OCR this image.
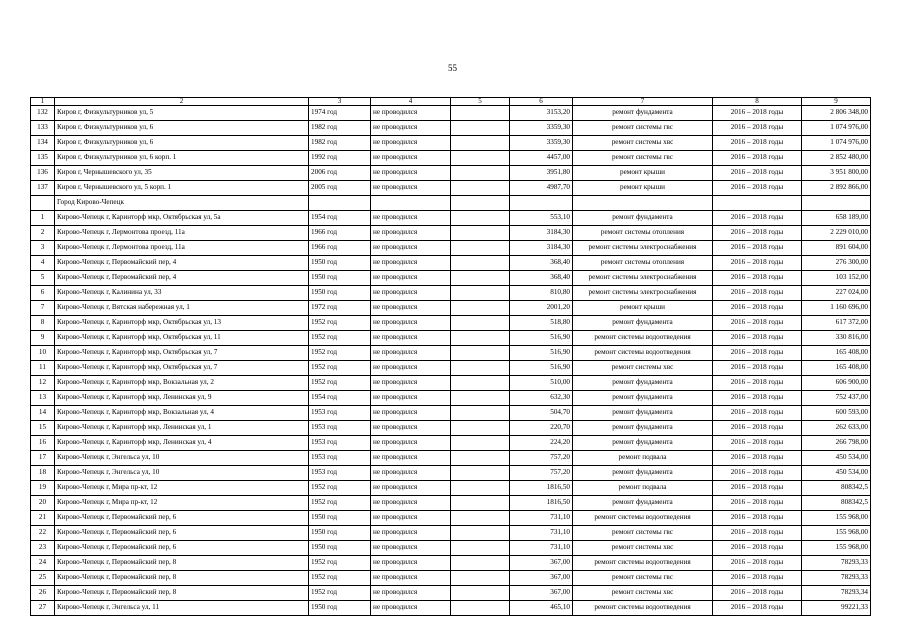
55
1	2	3	4	5	6	7	8	9
132	Киров г, Физкультурников ул, 5	1974 год	не проводился		3153,20	ремонт фундамента	2016 – 2018 годы	2 806 348,00
133	Киров г, Физкультурников ул, 6	1982 год	не проводился		3359,30	ремонт системы гвс	2016 – 2018 годы	1 074 976,00
134	Киров г, Физкультурников ул, 6	1982 год	не проводился		3359,30	ремонт системы хвс	2016 – 2018 годы	1 074 976,00
135	Киров г, Физкультурников ул, 6 корп. 1	1992 год	не проводился		4457,00	ремонт системы гвс	2016 – 2018 годы	2 852 480,00
136	Киров г, Чернышевского ул, 35	2006 год	не проводился		3951,80	ремонт крыши	2016 – 2018 годы	3 951 800,00
137	Киров г, Чернышевского ул, 5 корп. 1	2005 год	не проводился		4987,70	ремонт крыши	2016 – 2018 годы	2 892 866,00
	Город Кирово-Чепецк							
1	Кирово-Чепецк г, Каринторф мкр, Октябрьская ул, 5а	1954 год	не проводился		553,10	ремонт фундамента	2016 – 2018 годы	658 189,00
2	Кирово-Чепецк г, Лермонтова проезд, 11а	1966 год	не проводился		3184,30	ремонт системы отопления	2016 – 2018 годы	2 229 010,00
3	Кирово-Чепецк г, Лермонтова проезд, 11а	1966 год	не проводился		3184,30	ремонт системы электроснабжения	2016 – 2018 годы	891 604,00
4	Кирово-Чепецк г, Первомайский пер, 4	1950 год	не проводился		368,40	ремонт системы отопления	2016 – 2018 годы	276 300,00
5	Кирово-Чепецк г, Первомайский пер, 4	1950 год	не проводился		368,40	ремонт системы электроснабжения	2016 – 2018 годы	103 152,00
6	Кирово-Чепецк г, Калинина ул, 33	1950 год	не проводился		810,80	ремонт системы электроснабжения	2016 – 2018 годы	227 024,00
7	Кирово-Чепецк г, Вятская набережная ул, 1	1972 год	не проводился		2001,20	ремонт крыши	2016 – 2018 годы	1 160 696,00
8	Кирово-Чепецк г, Каринторф мкр, Октябрьская ул, 13	1952 год	не проводился		518,80	ремонт фундамента	2016 – 2018 годы	617 372,00
9	Кирово-Чепецк г, Каринторф мкр, Октябрьская ул, 11	1952 год	не проводился		516,90	ремонт системы водоотведения	2016 – 2018 годы	330 816,00
10	Кирово-Чепецк г, Каринторф мкр, Октябрьская ул, 7	1952 год	не проводился		516,90	ремонт системы водоотведения	2016 – 2018 годы	165 408,00
11	Кирово-Чепецк г, Каринторф мкр, Октябрьская ул, 7	1952 год	не проводился		516,90	ремонт системы хвс	2016 – 2018 годы	165 408,00
12	Кирово-Чепецк г, Каринторф мкр, Вокзальная ул, 2	1952 год	не проводился		510,00	ремонт фундамента	2016 – 2018 годы	606 900,00
13	Кирово-Чепецк г, Каринторф мкр, Ленинская ул, 9	1954 год	не проводился		632,30	ремонт фундамента	2016 – 2018 годы	752 437,00
14	Кирово-Чепецк г, Каринторф мкр, Вокзальная ул, 4	1953 год	не проводился		504,70	ремонт фундамента	2016 – 2018 годы	600 593,00
15	Кирово-Чепецк г, Каринторф мкр, Ленинская ул, 1	1953 год	не проводился		220,70	ремонт фундамента	2016 – 2018 годы	262 633,00
16	Кирово-Чепецк г, Каринторф мкр, Ленинская ул, 4	1953 год	не проводился		224,20	ремонт фундамента	2016 – 2018 годы	266 798,00
17	Кирово-Чепецк г, Энгельса ул, 10	1953 год	не проводился		757,20	ремонт подвала	2016 – 2018 годы	450 534,00
18	Кирово-Чепецк г, Энгельса ул, 10	1953 год	не проводился		757,20	ремонт фундамента	2016 – 2018 годы	450 534,00
19	Кирово-Чепецк г, Мира пр-кт, 12	1952 год	не проводился		1816,50	ремонт подвала	2016 – 2018 годы	808342,5
20	Кирово-Чепецк г, Мира пр-кт, 12	1952 год	не проводился		1816,50	ремонт фундамента	2016 – 2018 годы	808342,5
21	Кирово-Чепецк г, Первомайский пер, 6	1950 год	не проводился		731,10	ремонт системы водоотведения	2016 – 2018 годы	155 968,00
22	Кирово-Чепецк г, Первомайский пер, 6	1950 год	не проводился		731,10	ремонт системы гвс	2016 – 2018 годы	155 968,00
23	Кирово-Чепецк г, Первомайский пер, 6	1950 год	не проводился		731,10	ремонт системы хвс	2016 – 2018 годы	155 968,00
24	Кирово-Чепецк г, Первомайский пер, 8	1952 год	не проводился		367,00	ремонт системы водоотведения	2016 – 2018 годы	78293,33
25	Кирово-Чепецк г, Первомайский пер, 8	1952 год	не проводился		367,00	ремонт системы гвс	2016 – 2018 годы	78293,33
26	Кирово-Чепецк г, Первомайский пер, 8	1952 год	не проводился		367,00	ремонт системы хвс	2016 – 2018 годы	78293,34
27	Кирово-Чепецк г, Энгельса ул, 11	1950 год	не проводился		465,10	ремонт системы водоотведения	2016 – 2018 годы	99221,33
